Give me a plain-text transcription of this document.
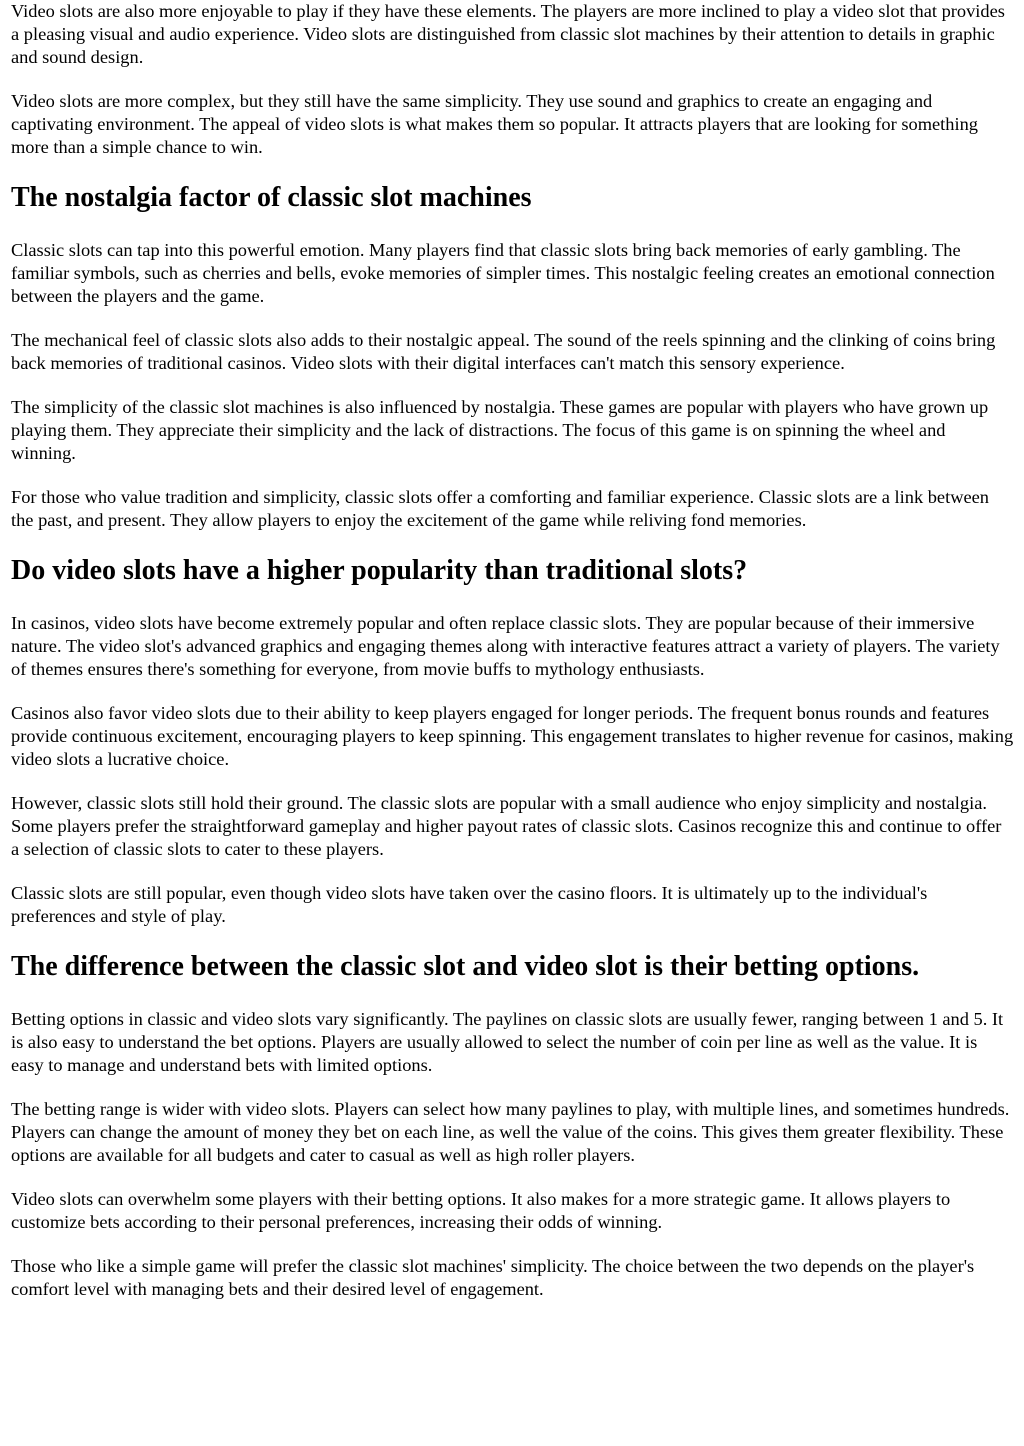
Video slots are also more enjoyable to play if they have these elements. The players are more inclined to play a video slot that provides a pleasing visual and audio experience. Video slots are distinguished from classic slot machines by their attention to details in graphic and sound design.

Video slots are more complex, but they still have the same simplicity. They use sound and graphics to create an engaging and captivating environment. The appeal of video slots is what makes them so popular. It attracts players that are looking for something more than a simple chance to win.

The nostalgia factor of classic slot machines

Classic slots can tap into this powerful emotion. Many players find that classic slots bring back memories of early gambling. The familiar symbols, such as cherries and bells, evoke memories of simpler times. This nostalgic feeling creates an emotional connection between the players and the game.

The mechanical feel of classic slots also adds to their nostalgic appeal. The sound of the reels spinning and the clinking of coins bring back memories of traditional casinos. Video slots with their digital interfaces can't match this sensory experience.

The simplicity of the classic slot machines is also influenced by nostalgia. These games are popular with players who have grown up playing them. They appreciate their simplicity and the lack of distractions. The focus of this game is on spinning the wheel and winning.

For those who value tradition and simplicity, classic slots offer a comforting and familiar experience. Classic slots are a link between the past, and present. They allow players to enjoy the excitement of the game while reliving fond memories.

Do video slots have a higher popularity than traditional slots?

In casinos, video slots have become extremely popular and often replace classic slots. They are popular because of their immersive nature. The video slot's advanced graphics and engaging themes along with interactive features attract a variety of players. The variety of themes ensures there's something for everyone, from movie buffs to mythology enthusiasts.

Casinos also favor video slots due to their ability to keep players engaged for longer periods. The frequent bonus rounds and features provide continuous excitement, encouraging players to keep spinning. This engagement translates to higher revenue for casinos, making video slots a lucrative choice.

However, classic slots still hold their ground. The classic slots are popular with a small audience who enjoy simplicity and nostalgia. Some players prefer the straightforward gameplay and higher payout rates of classic slots. Casinos recognize this and continue to offer a selection of classic slots to cater to these players.

Classic slots are still popular, even though video slots have taken over the casino floors. It is ultimately up to the individual's preferences and style of play.

The difference between the classic slot and video slot is their betting options.

Betting options in classic and video slots vary significantly. The paylines on classic slots are usually fewer, ranging between 1 and 5. It is also easy to understand the bet options. Players are usually allowed to select the number of coin per line as well as the value. It is easy to manage and understand bets with limited options.

The betting range is wider with video slots. Players can select how many paylines to play, with multiple lines, and sometimes hundreds. Players can change the amount of money they bet on each line, as well the value of the coins. This gives them greater flexibility. These options are available for all budgets and cater to casual as well as high roller players.

Video slots can overwhelm some players with their betting options. It also makes for a more strategic game. It allows players to customize bets according to their personal preferences, increasing their odds of winning.

Those who like a simple game will prefer the classic slot machines' simplicity. The choice between the two depends on the player's comfort level with managing bets and their desired level of engagement.
